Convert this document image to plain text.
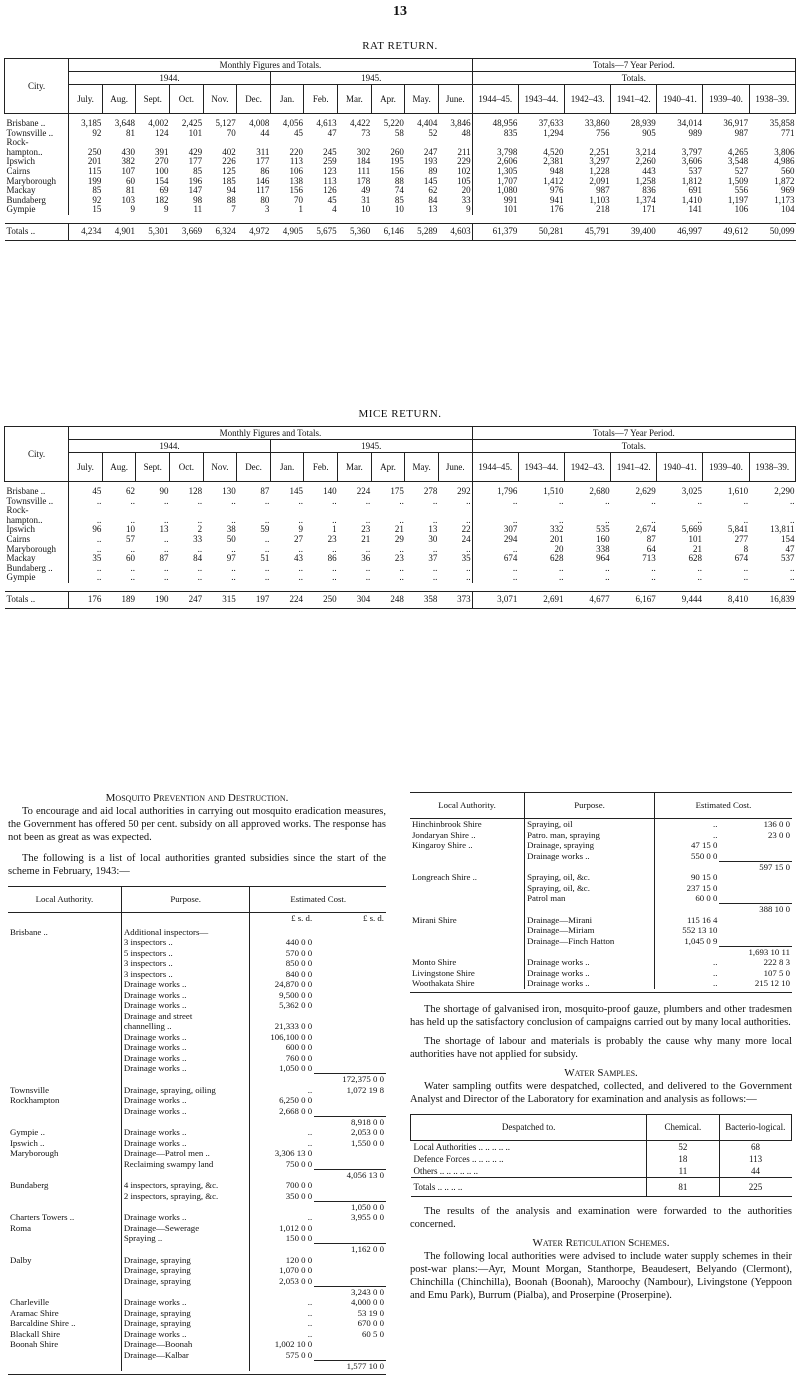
13
RAT RETURN.
City.	Monthly Figures and Totals.												Totals—7 Year Period.						
	1944.						1945.						Totals.						
	July.	Aug.	Sept.	Oct.	Nov.	Dec.	Jan.	Feb.	Mar.	Apr.	May.	June.	1944–45.	1943–44.	1942–43.	1941–42.	1940–41.	1939–40.	1938–39.
Brisbane ..	3,185	3,648	4,002	2,425	5,127	4,008	4,056	4,613	4,422	5,220	4,404	3,846	48,956	37,633	33,860	28,939	34,014	36,917	35,858
Townsville ..	92	81	124	101	70	44	45	47	73	58	52	48	835	1,294	756	905	989	987	771
Rock-																			
hampton..	250	430	391	429	402	311	220	245	302	260	247	211	3,798	4,520	2,251	3,214	3,797	4,265	3,806
Ipswich	201	382	270	177	226	177	113	259	184	195	193	229	2,606	2,381	3,297	2,260	3,606	3,548	4,986
Cairns	115	107	100	85	125	86	106	123	111	156	89	102	1,305	948	1,228	443	537	527	560
Maryborough	199	60	154	196	185	146	138	113	178	88	145	105	1,707	1,412	2,091	1,258	1,812	1,509	1,872
Mackay	85	81	69	147	94	117	156	126	49	74	62	20	1,080	976	987	836	691	556	969
Bundaberg	92	103	182	98	88	80	70	45	31	85	84	33	991	941	1,103	1,374	1,410	1,197	1,173
Gympie	15	9	9	11	7	3	1	4	10	10	13	9	101	176	218	171	141	106	104

Totals ..	4,234	4,901	5,301	3,669	6,324	4,972	4,905	5,675	5,360	6,146	5,289	4,603	61,379	50,281	45,791	39,400	46,997	49,612	50,099
MICE RETURN.
City.	Monthly Figures and Totals.												Totals—7 Year Period.						
	1944.						1945.						Totals.						
	July.	Aug.	Sept.	Oct.	Nov.	Dec.	Jan.	Feb.	Mar.	Apr.	May.	June.	1944–45.	1943–44.	1942–43.	1941–42.	1940–41.	1939–40.	1938–39.
Brisbane ..	45	62	90	128	130	87	145	140	224	175	278	292	1,796	1,510	2,680	2,629	3,025	1,610	2,290
Townsville ..	..	..	..	..	..	..	..	..	..	..	..	..	..	..	..	..	..	..	..
Rock-																			
hampton..	..	..	..	..	..	..	..	..	..	..	..	..	..	..	..	..	..	..	..
Ipswich	96	10	13	2	38	59	9	1	23	21	13	22	307	332	535	2,674	5,669	5,841	13,811
Cairns	..	57	..	33	50	..	27	23	21	29	30	24	294	201	160	87	101	277	154
Maryborough	..	..	..	..	..	..	..	..	..	..	..	..	..	20	338	64	21	8	47
Mackay	35	60	87	84	97	51	43	86	36	23	37	35	674	628	964	713	628	674	537
Bundaberg ..	..	..	..	..	..	..	..	..	..	..	..	..	..	..	..	..	..	..	..
Gympie	..	..	..	..	..	..	..	..	..	..	..	..	..	..	..	..	..	..	..

Totals ..	176	189	190	247	315	197	224	250	304	248	358	373	3,071	2,691	4,677	6,167	9,444	8,410	16,839
Mosquito Prevention and Destruction.

To encourage and aid local authorities in carrying out mosquito eradication measures, the Government has offered 50 per cent. subsidy on all approved works. The response has not been as great as was expected.

The following is a list of local authorities granted subsidies since the start of the scheme in February, 1943:—

Local Authority.	Purpose.	Estimated Cost.	
		£ s. d.	£ s. d.
Brisbane ..	Additional inspectors—		
	3 inspectors ..	440 0 0	
	5 inspectors ..	570 0 0	
	3 inspectors ..	850 0 0	
	3 inspectors ..	840 0 0	
	Drainage works ..	24,870 0 0	
	Drainage works ..	9,500 0 0	
	Drainage works ..	5,362 0 0	
	Drainage and street		
	channelling ..	21,333 0 0	
	Drainage works ..	106,100 0 0	
	Drainage works ..	600 0 0	
	Drainage works ..	760 0 0	
	Drainage works ..	1,050 0 0	
			172,375 0 0
Townsville	Drainage, spraying, oiling	..	1,072 19 8
Rockhampton	Drainage works ..	6,250 0 0	
	Drainage works ..	2,668 0 0	
			8,918 0 0
Gympie ..	Drainage works ..	..	2,053 0 0
Ipswich ..	Drainage works ..	..	1,550 0 0
Maryborough	Drainage—Patrol men ..	3,306 13 0	
	Reclaiming swampy land	750 0 0	
			4,056 13 0
Bundaberg	4 inspectors, spraying, &c.	700 0 0	
	2 inspectors, spraying, &c.	350 0 0	
			1,050 0 0
Charters Towers ..	Drainage works ..	..	3,955 0 0
Roma	Drainage—Sewerage	1,012 0 0	
	Spraying ..	150 0 0	
			1,162 0 0
Dalby	Drainage, spraying	120 0 0	
	Drainage, spraying	1,070 0 0	
	Drainage, spraying	2,053 0 0	
			3,243 0 0
Charleville	Drainage works ..	..	4,000 0 0
Aramac Shire	Drainage, spraying	..	53 19 0
Barcaldine Shire ..	Drainage, spraying	..	670 0 0
Blackall Shire	Drainage works ..	..	60 5 0
Boonah Shire	Drainage—Boonah	1,002 10 0	
	Drainage—Kalbar	575 0 0	
			1,577 10 0

Local Authority.	Purpose.	Estimated Cost.	
Hinchinbrook Shire	Spraying, oil	..	136 0 0
Jondaryan Shire ..	Patro. man, spraying	..	23 0 0
Kingaroy Shire ..	Drainage, spraying	47 15 0	
	Drainage works ..	550 0 0	
			597 15 0
Longreach Shire ..	Spraying, oil, &c.	90 15 0	
	Spraying, oil, &c.	237 15 0	
	Patrol man	60 0 0	
			388 10 0
Mirani Shire	Drainage—Mirani	115 16 4	
	Drainage—Miriam	552 13 10	
	Drainage—Finch Hatton	1,045 0 9	
			1,693 10 11
Monto Shire	Drainage works ..	..	222 8 3
Livingstone Shire	Drainage works ..	..	107 5 0
Woothakata Shire	Drainage works ..	..	215 12 10

The shortage of galvanised iron, mosquito-proof gauze, plumbers and other tradesmen has held up the satisfactory conclusion of campaigns carried out by many local authorities.

The shortage of labour and materials is probably the cause why many more local authorities have not applied for subsidy.

Water Samples.

Water sampling outfits were despatched, collected, and delivered to the Government Analyst and Director of the Laboratory for examination and analysis as follows:—

Despatched to.	Chemical.	Bacterio-logical.
Local Authorities .. .. .. .. ..	52	68
Defence Forces .. .. .. .. ..	18	113
Others .. .. .. .. .. ..	11	44
Totals .. .. .. ..	81	225

The results of the analysis and examination were forwarded to the authorities concerned.

Water Reticulation Schemes.

The following local authorities were advised to include water supply schemes in their post-war plans:—Ayr, Mount Morgan, Stanthorpe, Beaudesert, Belyando (Clermont), Chinchilla (Chinchilla), Boonah (Boonah), Maroochy (Nambour), Livingstone (Yeppoon and Emu Park), Burrum (Pialba), and Proserpine (Proserpine).
